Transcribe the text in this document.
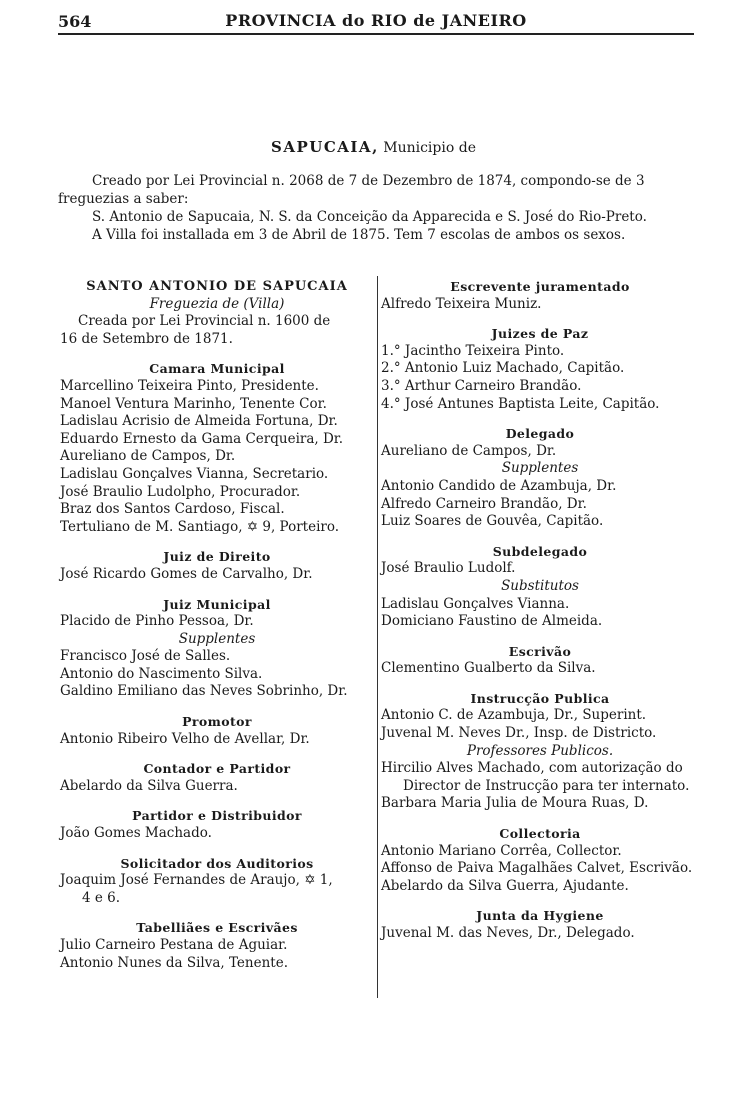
564	PROVINCIA do RIO de JANEIRO
SAPUCAIA, Municipio de

Creado por Lei Provincial n. 2068 de 7 de Dezembro de 1874, compondo-se de 3 freguezias a saber:

S. Antonio de Sapucaia, N. S. da Conceição da Apparecida e S. José do Rio-Preto.

A Villa foi installada em 3 de Abril de 1875. Tem 7 escolas de ambos os sexos.

SANTO ANTONIO DE SAPUCAIA
Freguezia de (Villa)
Creada por Lei Provincial n. 1600 de
16 de Setembro de 1871.
Camara Municipal
Marcellino Teixeira Pinto, Presidente.
Manoel Ventura Marinho, Tenente Cor.
Ladislau Acrisio de Almeida Fortuna, Dr.
Eduardo Ernesto da Gama Cerqueira, Dr.
Aureliano de Campos, Dr.
Ladislau Gonçalves Vianna, Secretario.
José Braulio Ludolpho, Procurador.
Braz dos Santos Cardoso, Fiscal.
Tertuliano de M. Santiago, ✡ 9, Porteiro.
Juiz de Direito
José Ricardo Gomes de Carvalho, Dr.
Juiz Municipal
Placido de Pinho Pessoa, Dr.
Supplentes
Francisco José de Salles.
Antonio do Nascimento Silva.
Galdino Emiliano das Neves Sobrinho, Dr.
Promotor
Antonio Ribeiro Velho de Avellar, Dr.
Contador e Partidor
Abelardo da Silva Guerra.
Partidor e Distribuidor
João Gomes Machado.
Solicitador dos Auditorios
Joaquim José Fernandes de Araujo, ✡ 1,
4 e 6.
Tabelliães e Escrivães
Julio Carneiro Pestana de Aguiar.
Antonio Nunes da Silva, Tenente.
Escrevente juramentado
Alfredo Teixeira Muniz.
Juizes de Paz
1.° Jacintho Teixeira Pinto.
2.° Antonio Luiz Machado, Capitão.
3.° Arthur Carneiro Brandão.
4.° José Antunes Baptista Leite, Capitão.
Delegado
Aureliano de Campos, Dr.
Supplentes
Antonio Candido de Azambuja, Dr.
Alfredo Carneiro Brandão, Dr.
Luiz Soares de Gouvêa, Capitão.
Subdelegado
José Braulio Ludolf.
Substitutos
Ladislau Gonçalves Vianna.
Domiciano Faustino de Almeida.
Escrivão
Clementino Gualberto da Silva.
Instrucção Publica
Antonio C. de Azambuja, Dr., Superint.
Juvenal M. Neves Dr., Insp. de Districto.
Professores Publicos.
Hircilio Alves Machado, com autorização do
Director de Instrucção para ter internato.
Barbara Maria Julia de Moura Ruas, D.
Collectoria
Antonio Mariano Corrêa, Collector.
Affonso de Paiva Magalhães Calvet, Escrivão.
Abelardo da Silva Guerra, Ajudante.
Junta da Hygiene
Juvenal M. das Neves, Dr., Delegado.
